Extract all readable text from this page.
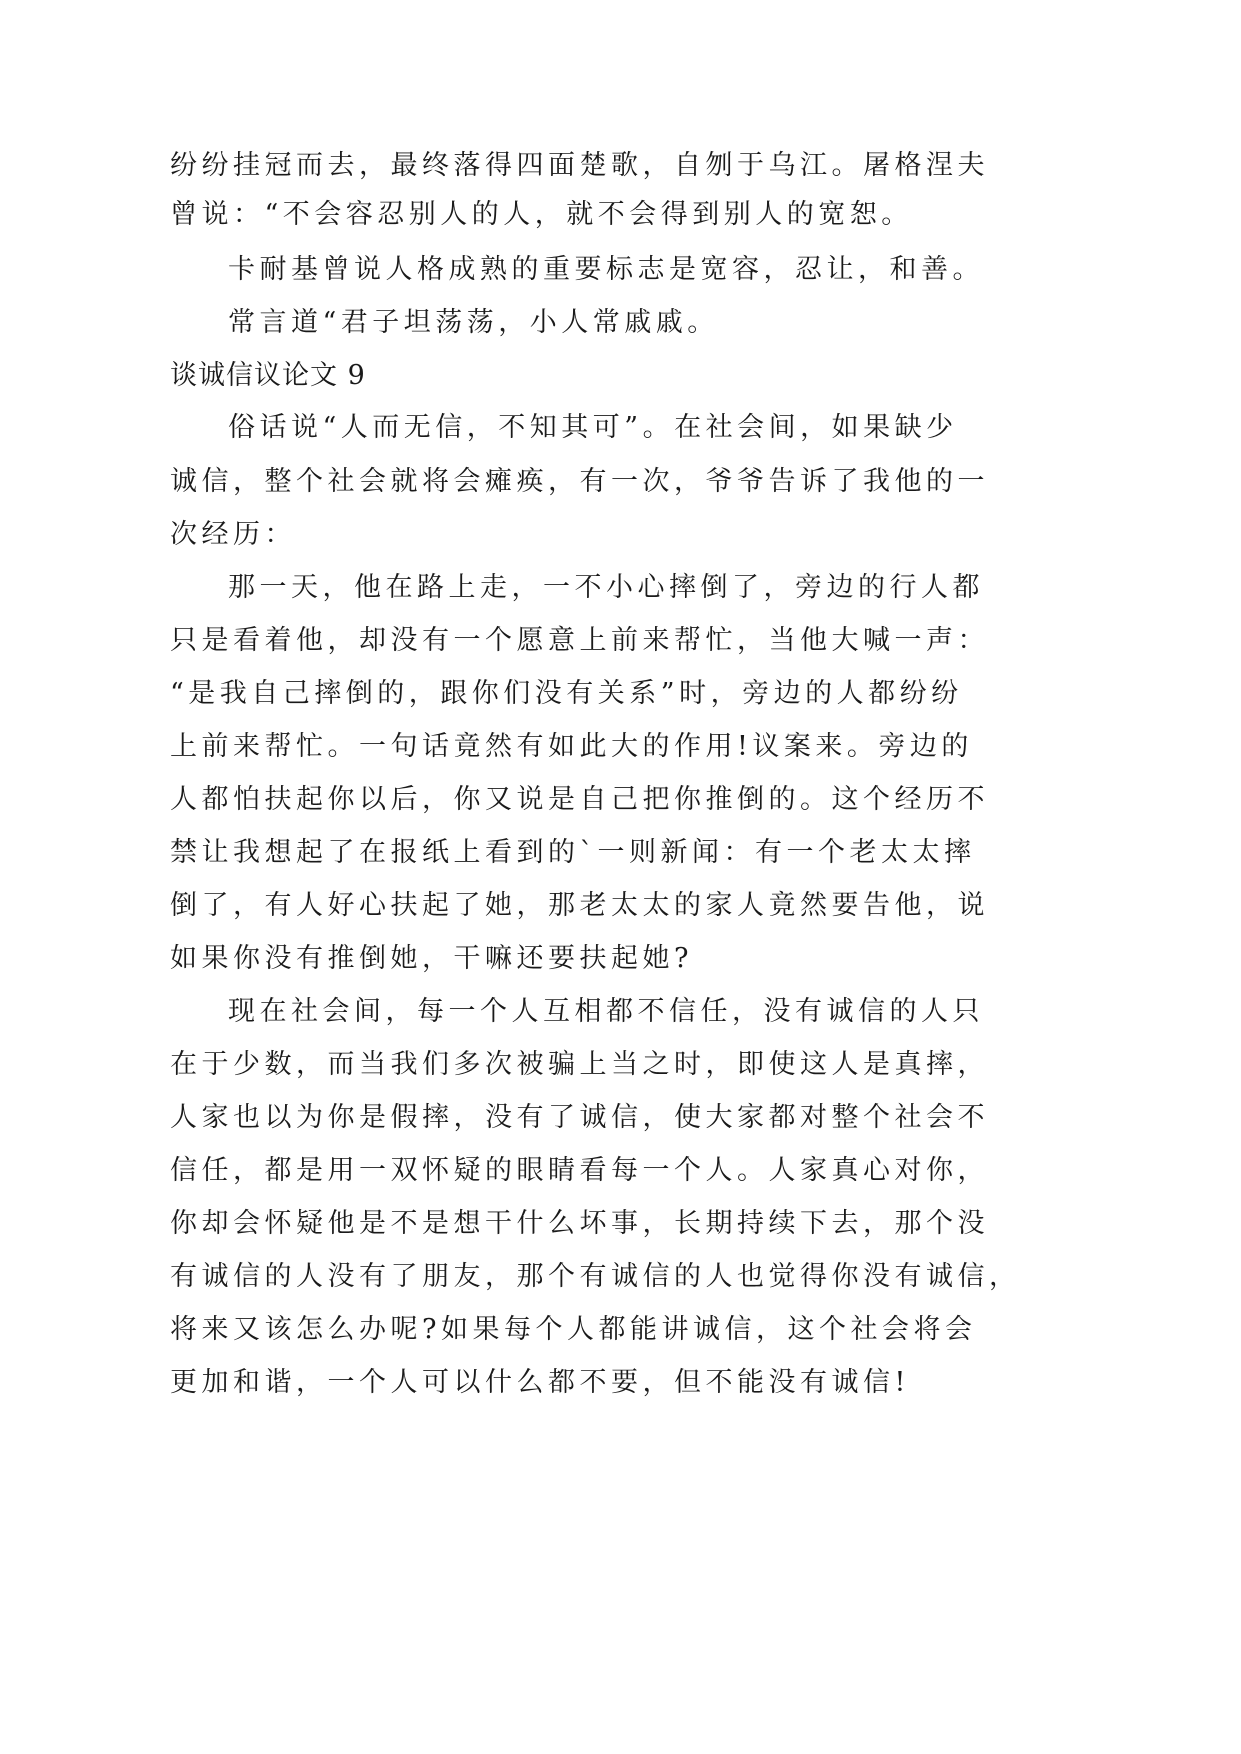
纷纷挂冠而去，最终落得四面楚歌，自刎于乌江。屠格涅夫
曾说：“不会容忍别人的人，就不会得到别人的宽恕。
卡耐基曾说人格成熟的重要标志是宽容，忍让，和善。
常言道“君子坦荡荡，小人常戚戚。
谈诚信议论文 9
俗话说“人而无信，不知其可”。在社会间，如果缺少
诚信，整个社会就将会瘫痪，有一次，爷爷告诉了我他的一
次经历：
那一天，他在路上走，一不小心摔倒了，旁边的行人都
只是看着他，却没有一个愿意上前来帮忙，当他大喊一声：
“是我自己摔倒的，跟你们没有关系”时，旁边的人都纷纷
上前来帮忙。一句话竟然有如此大的作用!议案来。旁边的
人都怕扶起你以后，你又说是自己把你推倒的。这个经历不
禁让我想起了在报纸上看到的`一则新闻：有一个老太太摔
倒了，有人好心扶起了她，那老太太的家人竟然要告他，说
如果你没有推倒她，干嘛还要扶起她?
现在社会间，每一个人互相都不信任，没有诚信的人只
在于少数，而当我们多次被骗上当之时，即使这人是真摔，
人家也以为你是假摔，没有了诚信，使大家都对整个社会不
信任，都是用一双怀疑的眼睛看每一个人。人家真心对你，
你却会怀疑他是不是想干什么坏事，长期持续下去，那个没
有诚信的人没有了朋友，那个有诚信的人也觉得你没有诚信，
将来又该怎么办呢?如果每个人都能讲诚信，这个社会将会
更加和谐，一个人可以什么都不要，但不能没有诚信!
